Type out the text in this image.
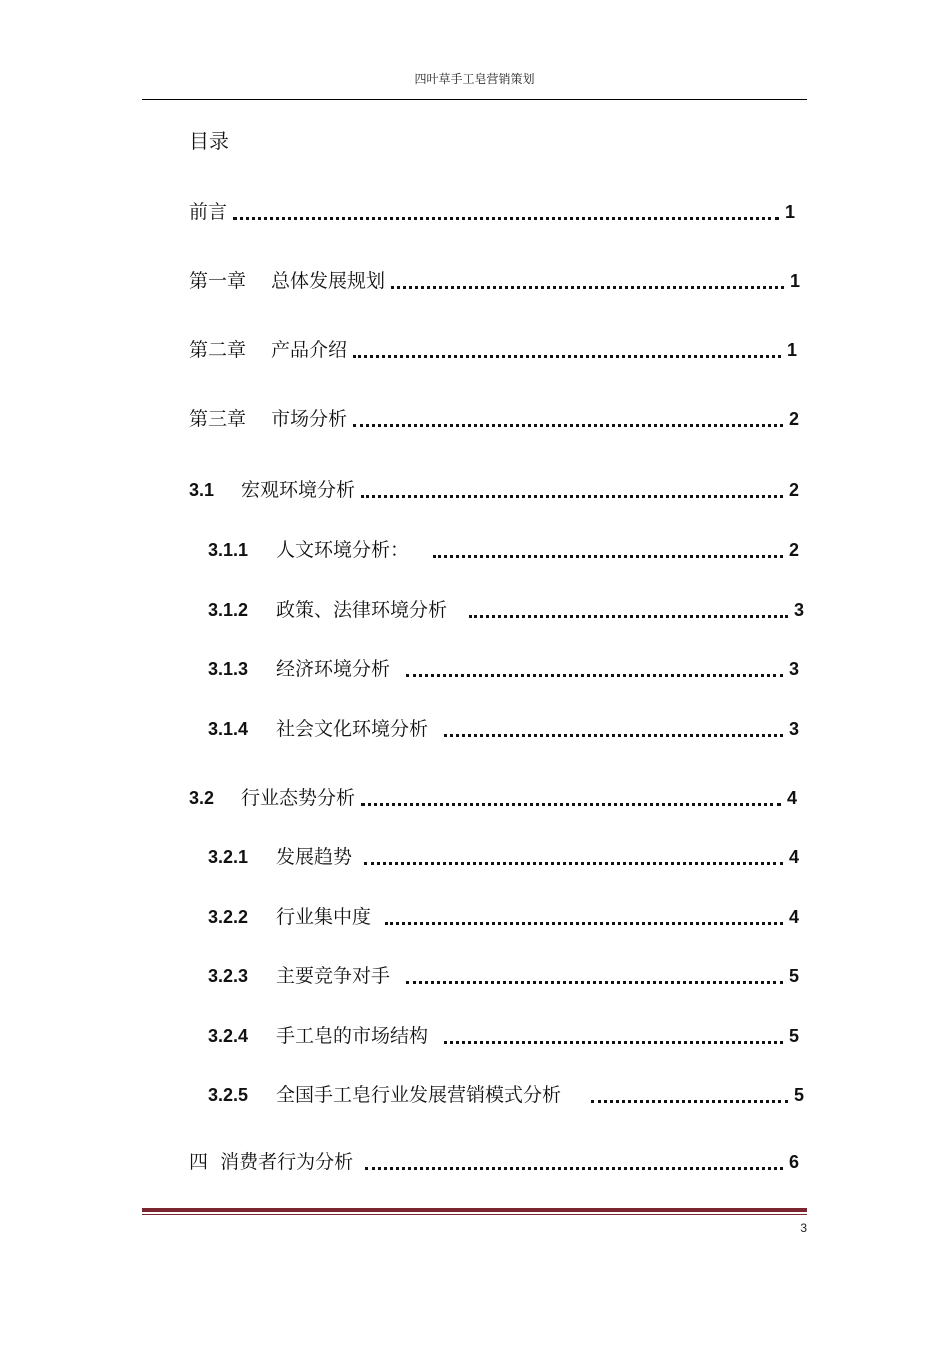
四叶草手工皂营销策划
目录
前言	1
第一章　 总体发展规划	1
第二章　 产品介绍	1
第三章　 市场分析	2
3.1	宏观环境分析	2
3.1.1	人文环境分析：	2
3.1.2	政策、法律环境分析	3
3.1.3	经济环境分析	3
3.1.4	社会文化环境分析	3
3.2	行业态势分析	4
3.2.1	发展趋势	4
3.2.2	行业集中度	4
3.2.3	主要竞争对手	5
3.2.4	手工皂的市场结构	5
3.2.5	全国手工皂行业发展营销模式分析	5
四  消费者行为分析	6
3
